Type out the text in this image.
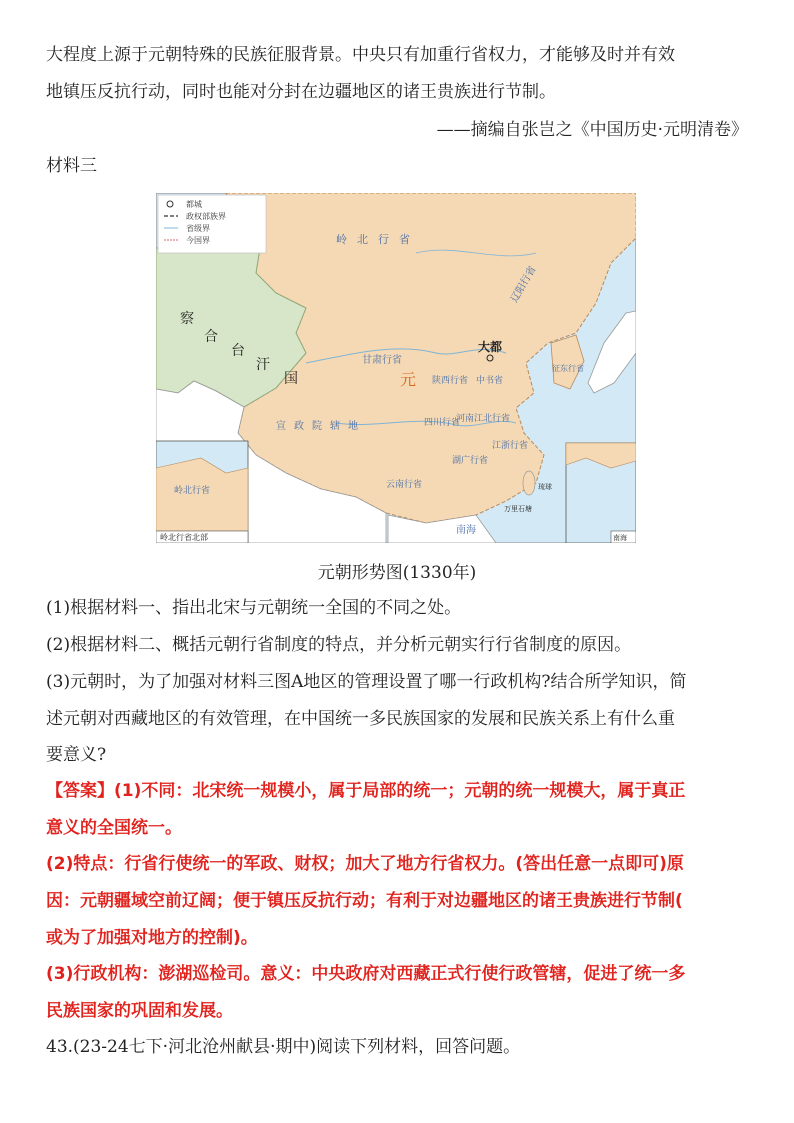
大程度上源于元朝特殊的民族征服背景。中央只有加重行省权力，才能够及时并有效
地镇压反抗行动，同时也能对分封在边疆地区的诸王贵族进行节制。
——摘编自张岂之《中国历史·元明清卷》
材料三
都城
政权部族界
省级界
今国界	岭北行省
辽阳行省
察
合
台
汗
国
大都
元
甘肃行省
陕西行省 中书省
四川行省
河南江北行省
江浙行省
湖广行省
云南行省
宣政院辖地
征东行省
琉球
万里石塘
南海
岭北行省
岭北行省北部	南海
元朝形势图(1330年)
(1)根据材料一、指出北宋与元朝统一全国的不同之处。
(2)根据材料二、概括元朝行省制度的特点，并分析元朝实行行省制度的原因。
(3)元朝时，为了加强对材料三图A地区的管理设置了哪一行政机构?结合所学知识，简
述元朝对西藏地区的有效管理，在中国统一多民族国家的发展和民族关系上有什么重
要意义?
【答案】(1)不同：北宋统一规模小，属于局部的统一；元朝的统一规模大，属于真正
意义的全国统一。
(2)特点：行省行使统一的军政、财权；加大了地方行省权力。(答出任意一点即可)原
因：元朝疆域空前辽阔；便于镇压反抗行动；有利于对边疆地区的诸王贵族进行节制(
或为了加强对地方的控制)。
(3)行政机构：澎湖巡检司。意义：中央政府对西藏正式行使行政管辖，促进了统一多
民族国家的巩固和发展。
43.(23-24七下·河北沧州献县·期中)阅读下列材料，回答问题。
